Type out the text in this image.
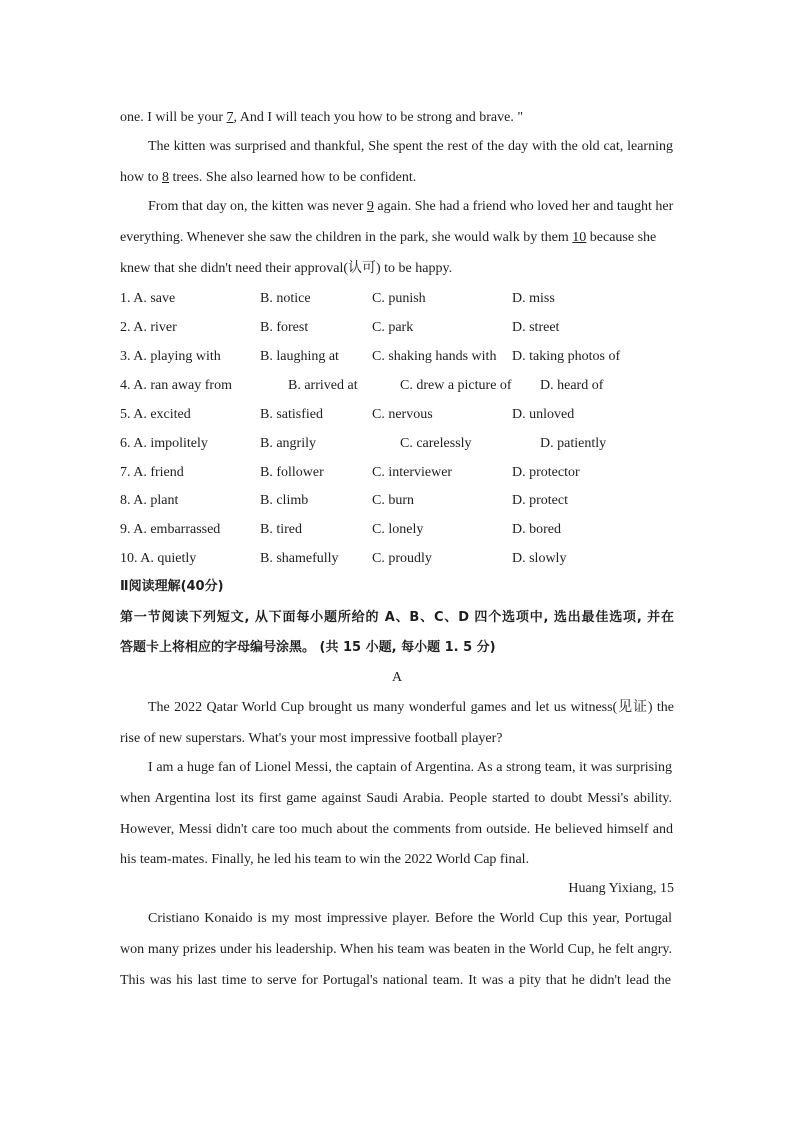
one. I will be your 7, And I will teach you how to be strong and brave. "
The kitten was surprised and thankful, She spent the rest of the day with the old cat, learning
how to 8 trees. She also learned how to be confident.
From that day on, the kitten was never 9 again. She had a friend who loved her and taught her
everything. Whenever she saw the children in the park, she would walk by them 10 because she
knew that she didn't need their approval(认可) to be happy.
1. A. save	B. notice	C. punish	D. miss
2. A. river	B. forest	C. park	D. street
3. A. playing with	B. laughing at C. shaking hands with D. taking photos of
4. A. ran away from	B. arrived at	C. drew a picture of D. heard of
5. A. excited	B. satisfied	C. nervous	D. unloved
6. A. impolitely	B. angrily	C. carelessly	D. patiently
7. A. friend	B. follower	C. interviewer	D. protector
8. A. plant	B. climb	C. burn	D. protect
9. A. embarrassed	B. tired	C. lonely	D. bored
10. A. quietly	B. shamefully C. proudly	D. slowly
Ⅱ阅读理解(40分)
第一节阅读下列短文, 从下面每小题所给的 A、B、C、D 四个选项中, 选出最佳选项, 并在
答题卡上将相应的字母编号涂黑。 (共 15 小题, 每小题 1. 5 分)
A
The 2022 Qatar World Cup brought us many wonderful games and let us witness(见证) the
rise of new superstars. What's your most impressive football player?
I am a huge fan of Lionel Messi, the captain of Argentina. As a strong team, it was surprising
when Argentina lost its first game against Saudi Arabia. People started to doubt Messi's ability.
However, Messi didn't care too much about the comments from outside. He believed himself and
his team-mates. Finally, he led his team to win the 2022 World Cap final.
Huang Yixiang, 15
Cristiano Konaido is my most impressive player. Before the World Cup this year, Portugal
won many prizes under his leadership. When his team was beaten in the World Cup, he felt angry.
This was his last time to serve for Portugal's national team. It was a pity that he didn't lead the
